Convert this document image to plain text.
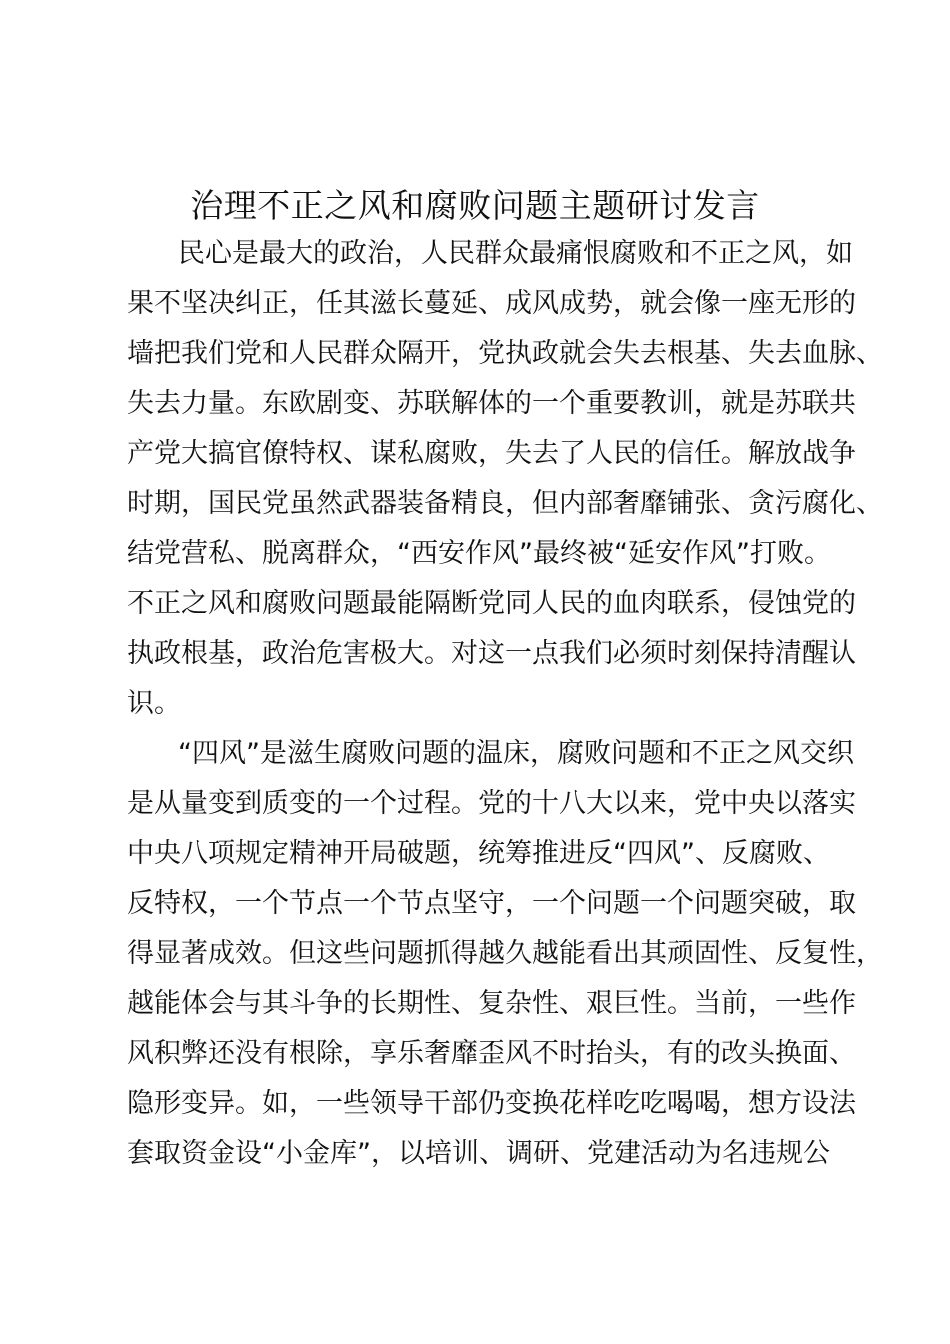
治理不正之风和腐败问题主题研讨发言

民心是最大的政治，人民群众最痛恨腐败和不正之风，如

果不坚决纠正，任其滋长蔓延、成风成势，就会像一座无形的

墙把我们党和人民群众隔开，党执政就会失去根基、失去血脉、

失去力量。东欧剧变、苏联解体的一个重要教训，就是苏联共

产党大搞官僚特权、谋私腐败，失去了人民的信任。解放战争

时期，国民党虽然武器装备精良，但内部奢靡铺张、贪污腐化、

结党营私、脱离群众，“西安作风”最终被“延安作风”打败。

不正之风和腐败问题最能隔断党同人民的血肉联系，侵蚀党的

执政根基，政治危害极大。对这一点我们必须时刻保持清醒认

识。

“四风”是滋生腐败问题的温床，腐败问题和不正之风交织

是从量变到质变的一个过程。党的十八大以来，党中央以落实

中央八项规定精神开局破题，统筹推进反“四风”、反腐败、

反特权，一个节点一个节点坚守，一个问题一个问题突破，取

得显著成效。但这些问题抓得越久越能看出其顽固性、反复性，

越能体会与其斗争的长期性、复杂性、艰巨性。当前，一些作

风积弊还没有根除，享乐奢靡歪风不时抬头，有的改头换面、

隐形变异。如，一些领导干部仍变换花样吃吃喝喝，想方设法

套取资金设“小金库”，以培训、调研、党建活动为名违规公
